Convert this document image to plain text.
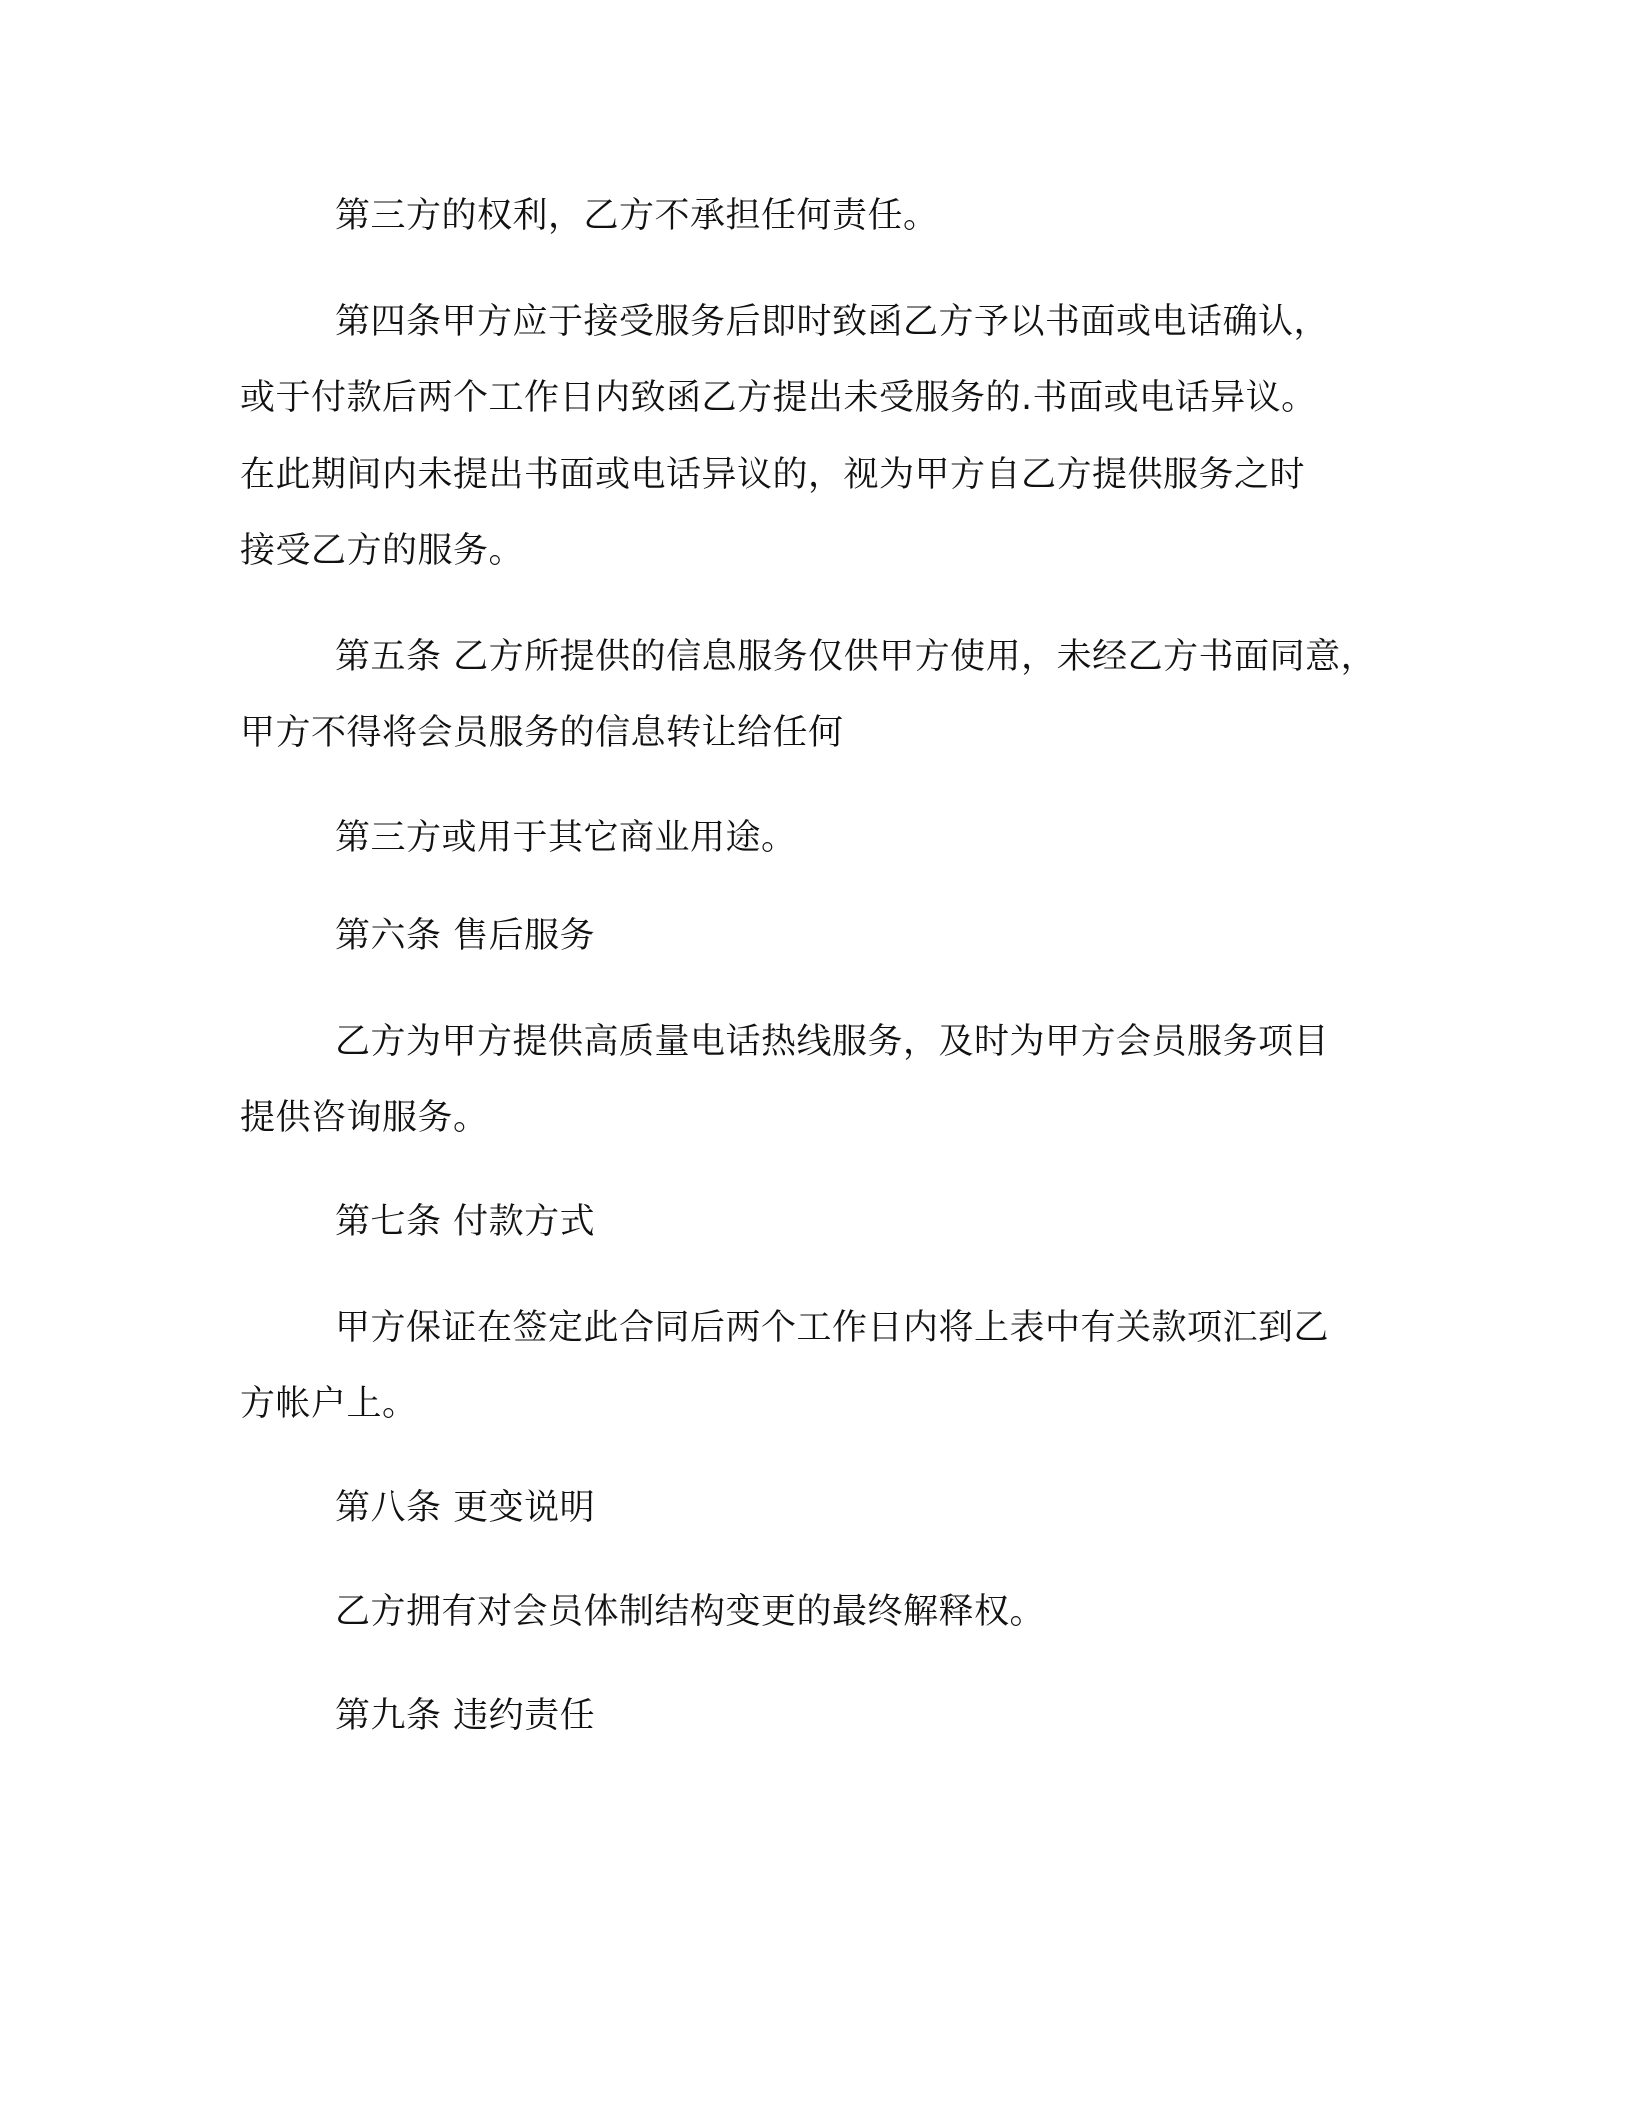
第三方的权利，乙方不承担任何责任。
第四条甲方应于接受服务后即时致函乙方予以书面或电话确认，
或于付款后两个工作日内致函乙方提出未受服务的.书面或电话异议。
在此期间内未提出书面或电话异议的，视为甲方自乙方提供服务之时
接受乙方的服务。
第五条 乙方所提供的信息服务仅供甲方使用，未经乙方书面同意，
甲方不得将会员服务的信息转让给任何
第三方或用于其它商业用途。
第六条 售后服务
乙方为甲方提供高质量电话热线服务，及时为甲方会员服务项目
提供咨询服务。
第七条 付款方式
甲方保证在签定此合同后两个工作日内将上表中有关款项汇到乙
方帐户上。
第八条 更变说明
乙方拥有对会员体制结构变更的最终解释权。
第九条 违约责任
